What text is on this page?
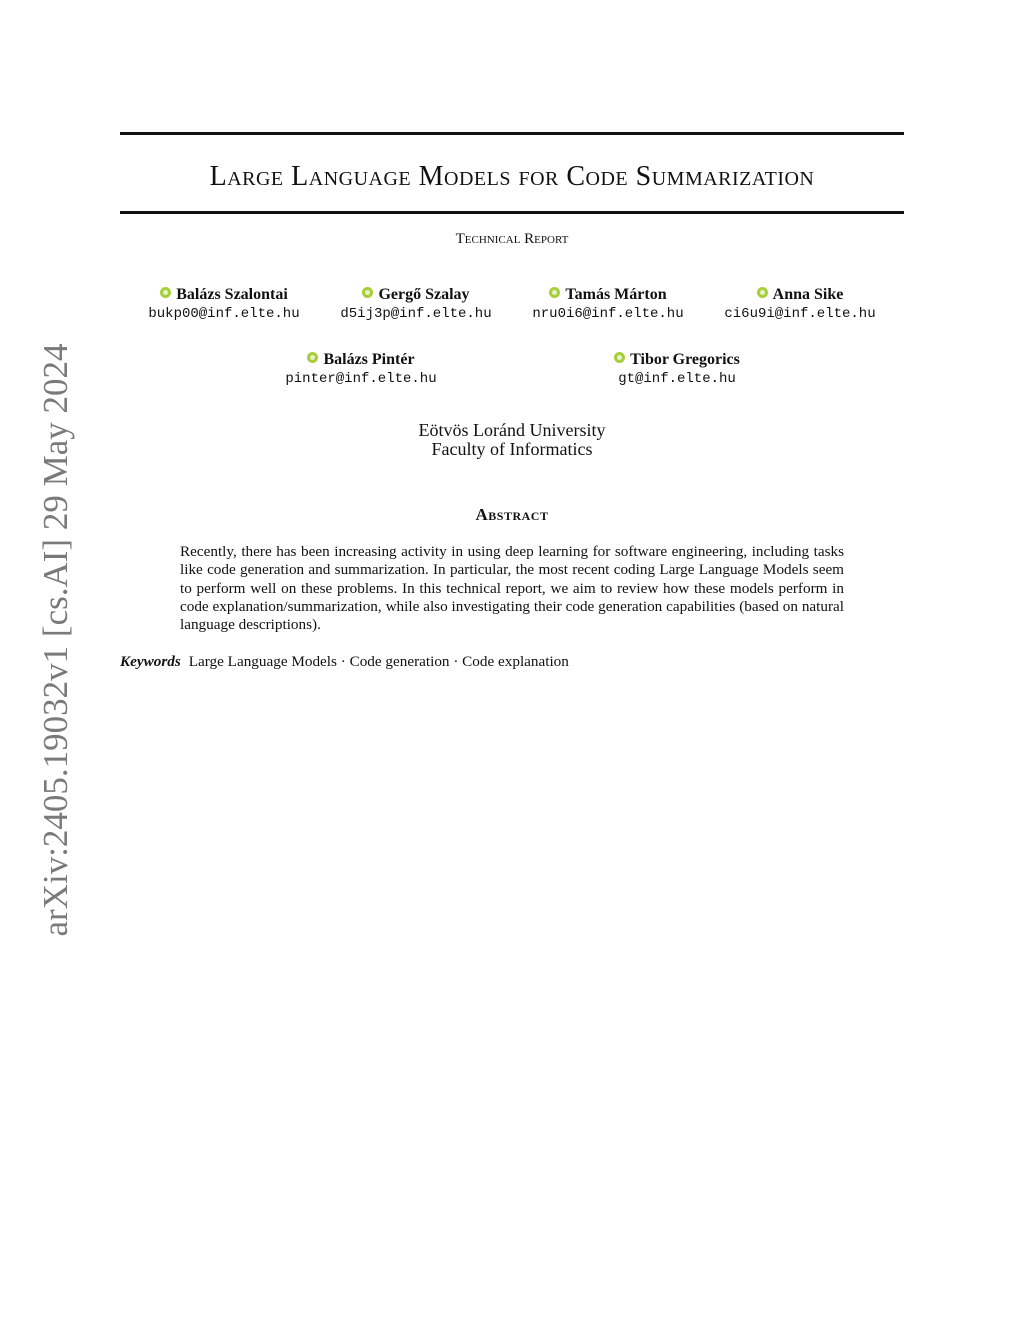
arXiv:2405.19032v1 [cs.AI] 29 May 2024
Large Language Models for Code Summarization
Technical Report
Balázs Szalontai
bukp00@inf.elte.hu
Gergő Szalay
d5ij3p@inf.elte.hu
Tamás Márton
nru0i6@inf.elte.hu
Anna Sike
ci6u9i@inf.elte.hu
Balázs Pintér
pinter@inf.elte.hu
Tibor Gregorics
gt@inf.elte.hu
Eötvös Loránd University
Faculty of Informatics
Abstract
Recently, there has been increasing activity in using deep learning for software engineering, including tasks like code generation and summarization. In particular, the most recent coding Large Language Models seem to perform well on these problems. In this technical report, we aim to review how these models perform in code explanation/summarization, while also investigating their code generation capabilities (based on natural language descriptions).
Keywords Large Language Models · Code generation · Code explanation
